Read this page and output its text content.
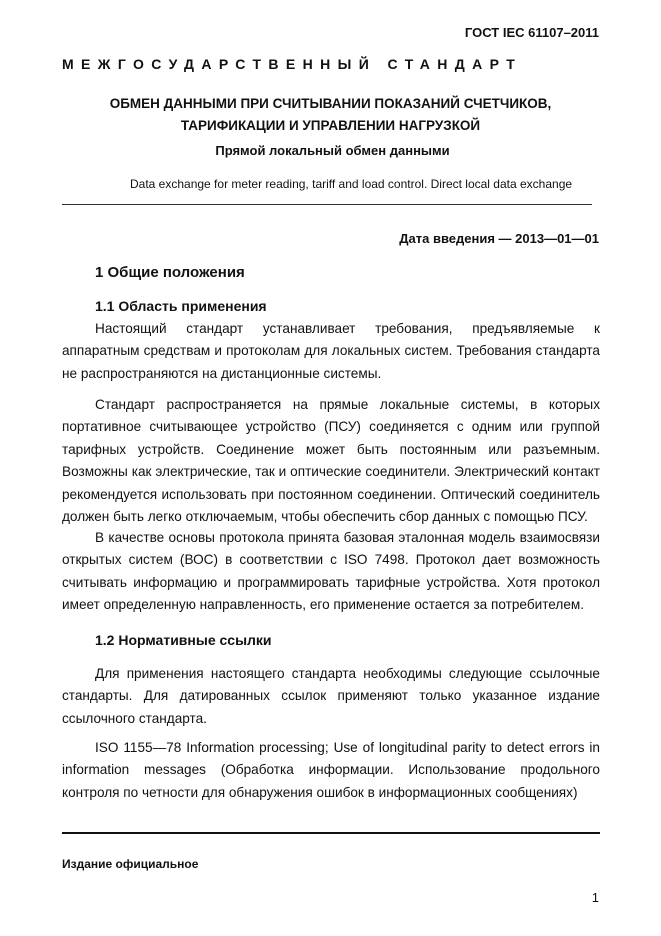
ГОСТ IEC 61107–2011
МЕЖГОСУДАРСТВЕННЫЙ СТАНДАРТ
ОБМЕН ДАННЫМИ ПРИ СЧИТЫВАНИИ ПОКАЗАНИЙ СЧЕТЧИКОВ,
ТАРИФИКАЦИИ И УПРАВЛЕНИИ НАГРУЗКОЙ
Прямой локальный обмен данными
Data exchange for meter reading, tariff and load control. Direct local data exchange
Дата введения — 2013—01—01
1 Общие положения
1.1 Область применения

Настоящий стандарт устанавливает требования, предъявляемые к аппаратным средствам и протоколам для локальных систем. Требования стандарта не распространяются на дистанционные системы.

Стандарт распространяется на прямые локальные системы, в которых портативное считывающее устройство (ПСУ) соединяется с одним или группой тарифных устройств. Соединение может быть постоянным или разъемным. Возможны как электрические, так и оптические соединители. Электрический контакт рекомендуется использовать при постоянном соединении. Оптический соединитель должен быть легко отключаемым, чтобы обеспечить сбор данных с помощью ПСУ.

В качестве основы протокола принята базовая эталонная модель взаимосвязи открытых систем (ВОС) в соответствии с ISO 7498. Протокол дает возможность считывать информацию и программировать тарифные устройства. Хотя протокол имеет определенную направленность, его применение остается за потребителем.

1.2 Нормативные ссылки

Для применения настоящего стандарта необходимы следующие ссылочные стандарты. Для датированных ссылок применяют только указанное издание ссылочного стандарта.

ISO 1155—78 Information processing; Use of longitudinal parity to detect errors in information messages (Обработка информации. Использование продольного контроля по четности для обнаружения ошибок в информационных сообщениях)

Издание официальное
1
